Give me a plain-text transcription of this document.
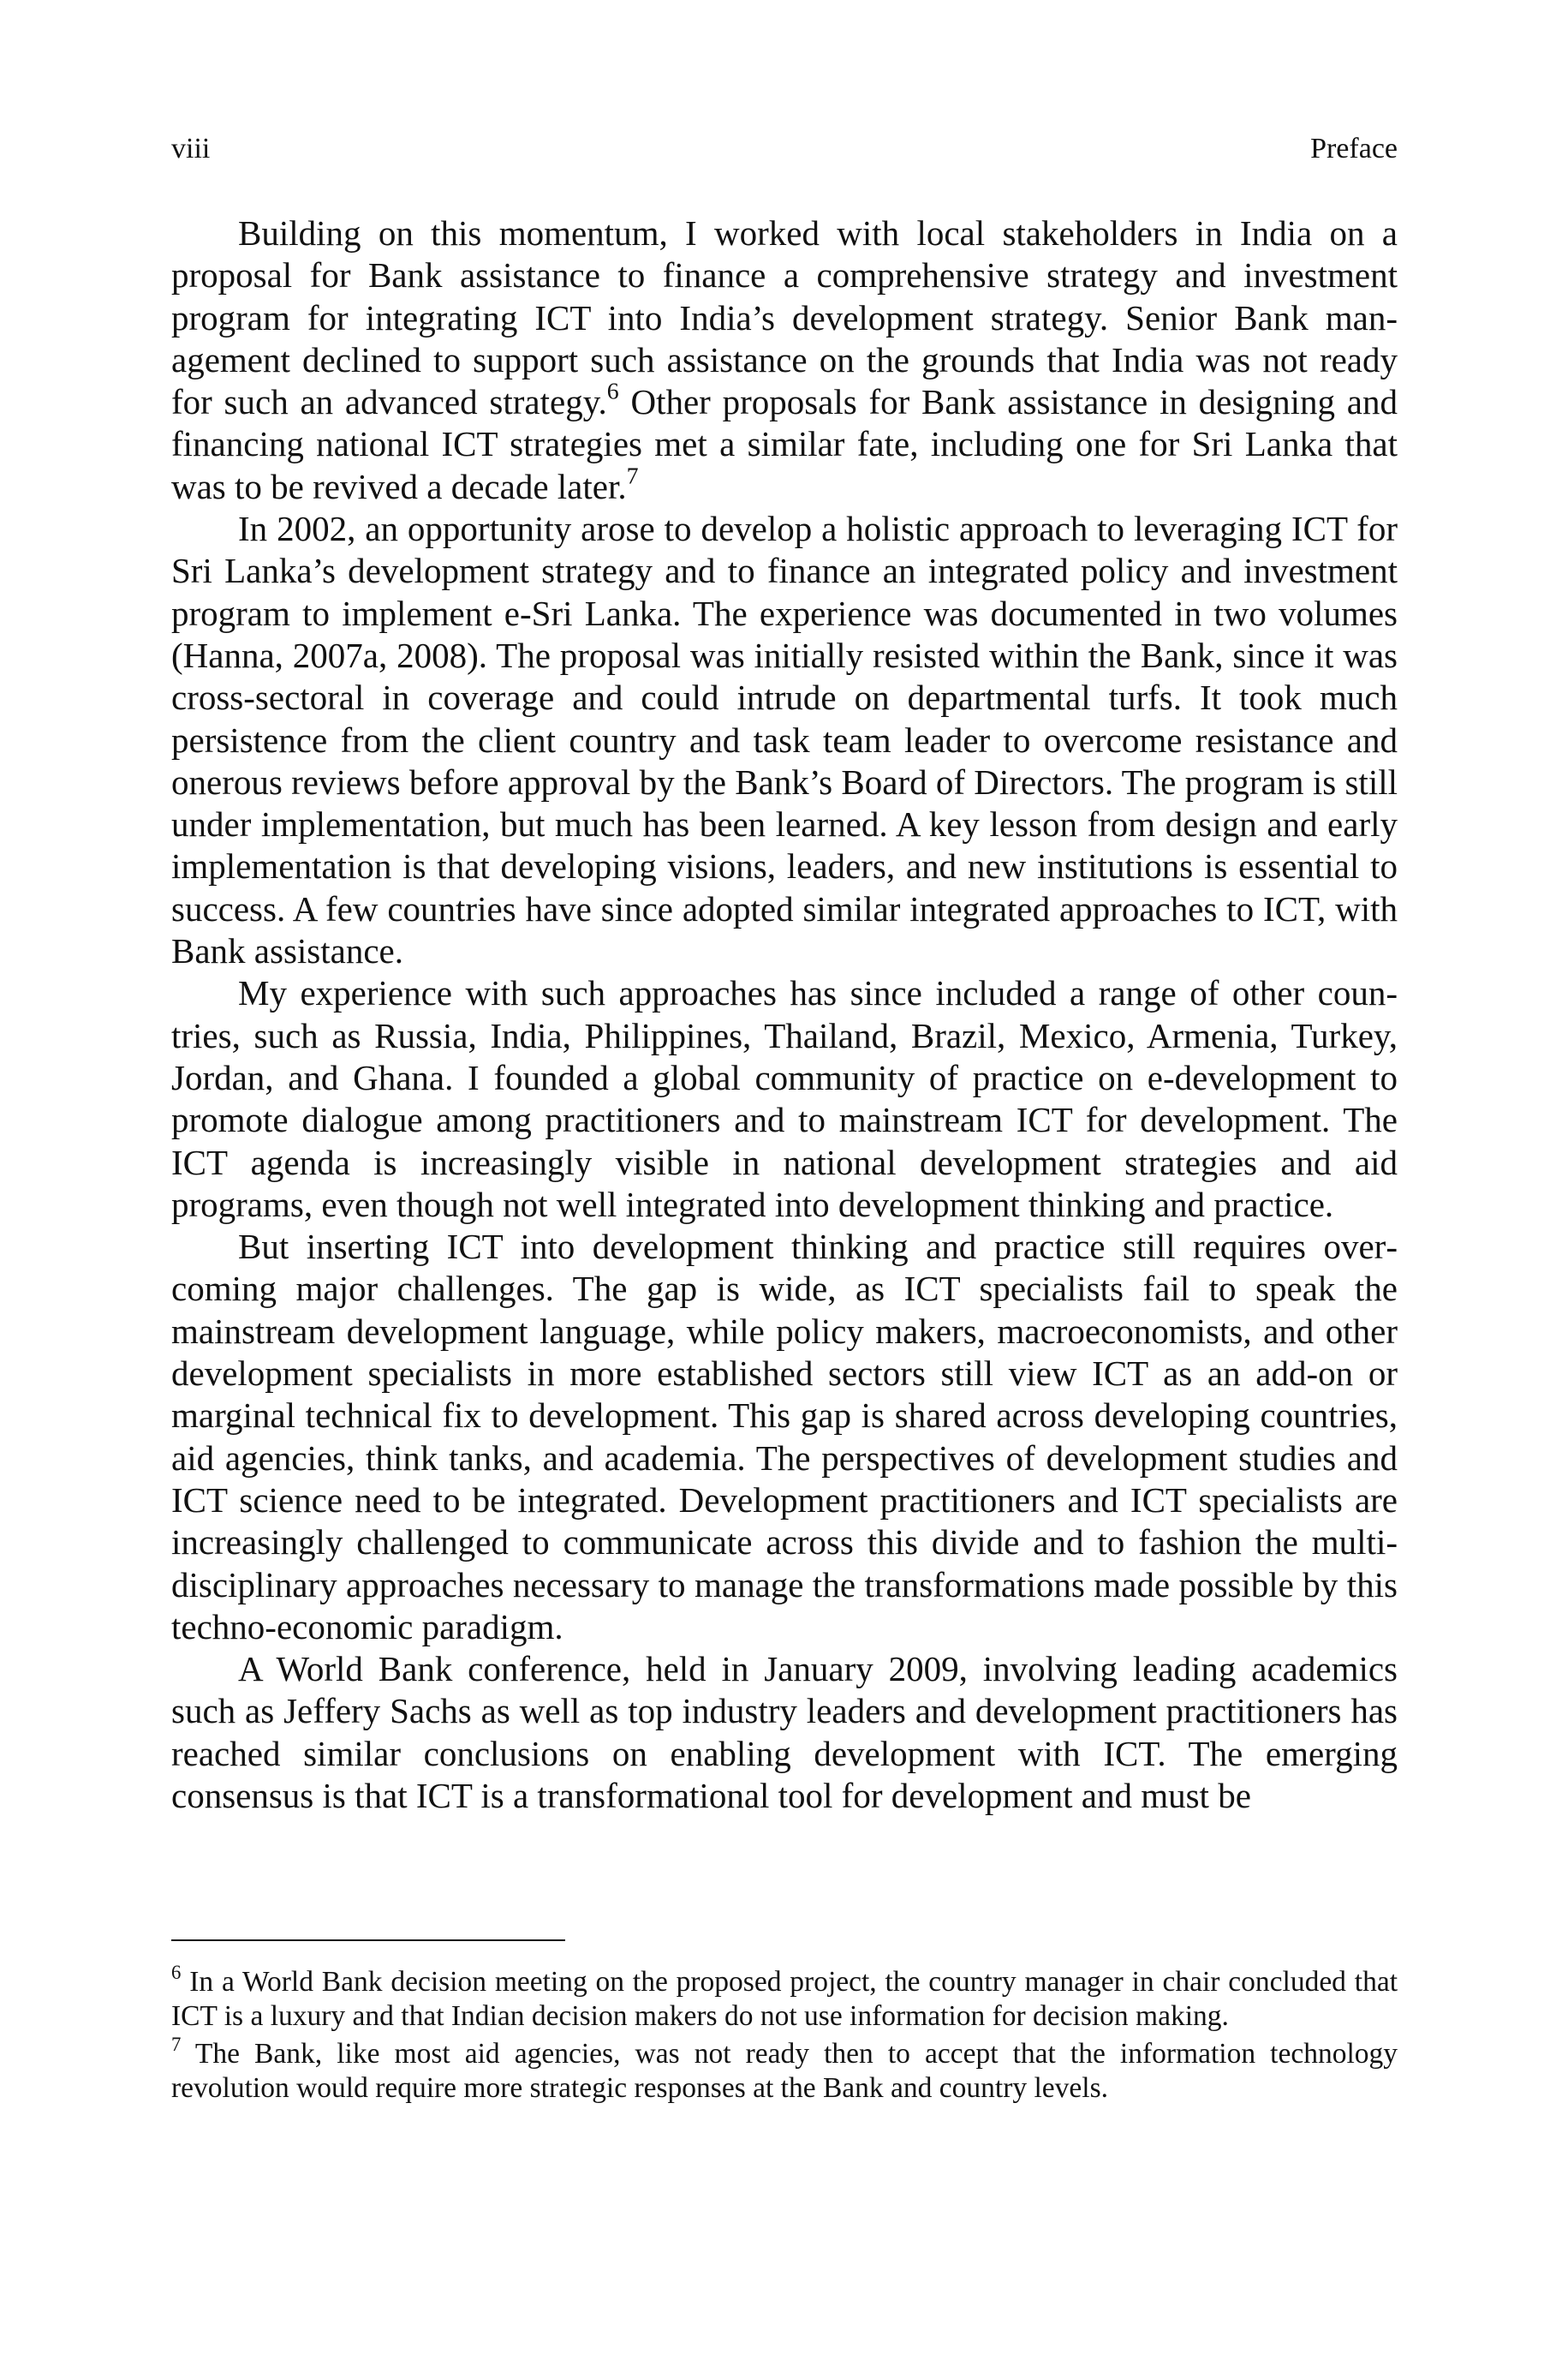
viii	Preface

Building on this momentum, I worked with local stakeholders in India on a proposal for Bank assistance to finance a comprehensive strategy and investment program for integrating ICT into India’s development strategy. Senior Bank management declined to support such assistance on the grounds that India was not ready for such an advanced strategy.$^6$ Other proposals for Bank assistance in designing and financing national ICT strategies met a similar fate, including one for Sri Lanka that was to be revived a decade later.$^7$

In 2002, an opportunity arose to develop a holistic approach to leveraging ICT for Sri Lanka’s development strategy and to finance an integrated policy and investment program to implement e-Sri Lanka. The experience was documented in two volumes (Hanna, 2007a, 2008). The proposal was initially resisted within the Bank, since it was cross-sectoral in coverage and could intrude on departmental turfs. It took much persistence from the client country and task team leader to overcome resistance and onerous reviews before approval by the Bank’s Board of Directors. The program is still under implementation, but much has been learned. A key lesson from design and early implementation is that developing visions, leaders, and new institutions is essential to success. A few countries have since adopted similar integrated approaches to ICT, with Bank assistance.

My experience with such approaches has since included a range of other countries, such as Russia, India, Philippines, Thailand, Brazil, Mexico, Armenia, Turkey, Jordan, and Ghana. I founded a global community of practice on e-development to promote dialogue among practitioners and to mainstream ICT for development. The ICT agenda is increasingly visible in national development strategies and aid programs, even though not well integrated into development thinking and practice.

But inserting ICT into development thinking and practice still requires overcoming major challenges. The gap is wide, as ICT specialists fail to speak the mainstream development language, while policy makers, macroeconomists, and other development specialists in more established sectors still view ICT as an add-on or marginal technical fix to development. This gap is shared across developing countries, aid agencies, think tanks, and academia. The perspectives of development studies and ICT science need to be integrated. Development practitioners and ICT specialists are increasingly challenged to communicate across this divide and to fashion the multi-disciplinary approaches necessary to manage the transformations made possible by this techno-economic paradigm.

A World Bank conference, held in January 2009, involving leading academics such as Jeffery Sachs as well as top industry leaders and development practitioners has reached similar conclusions on enabling development with ICT. The emerging consensus is that ICT is a transformational tool for development and must be

$^6$ In a World Bank decision meeting on the proposed project, the country manager in chair concluded that ICT is a luxury and that Indian decision makers do not use information for decision making.

$^7$ The Bank, like most aid agencies, was not ready then to accept that the information technology revolution would require more strategic responses at the Bank and country levels.
